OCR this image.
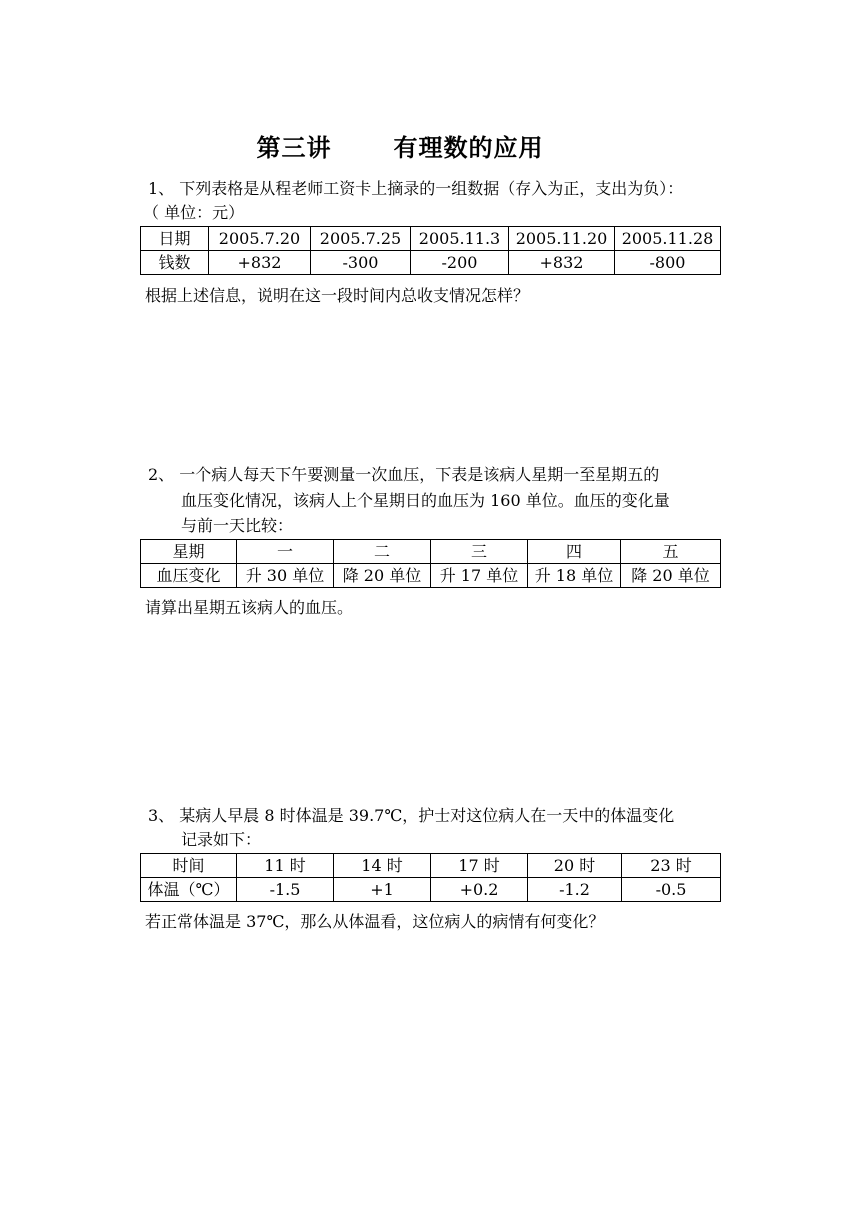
第三讲	有理数的应用
1、 下列表格是从程老师工资卡上摘录的一组数据（存入为正，支出为负）：
（ 单位：元）
日期	2005.7.20	2005.7.25	2005.11.3	2005.11.20	2005.11.28
钱数	+832	-300	-200	+832	-800
根据上述信息，说明在这一段时间内总收支情况怎样？
2、 一个病人每天下午要测量一次血压，下表是该病人星期一至星期五的
血压变化情况，该病人上个星期日的血压为 160 单位。血压的变化量
与前一天比较：
星期	一	二	三	四	五
血压变化	升 30 单位	降 20 单位	升 17 单位	升 18 单位	降 20 单位
请算出星期五该病人的血压。
3、 某病人早晨 8 时体温是 39.7℃，护士对这位病人在一天中的体温变化
记录如下：
时间	11 时	14 时	17 时	20 时	23 时
体温（℃）	-1.5	+1	+0.2	-1.2	-0.5
若正常体温是 37℃，那么从体温看，这位病人的病情有何变化？
